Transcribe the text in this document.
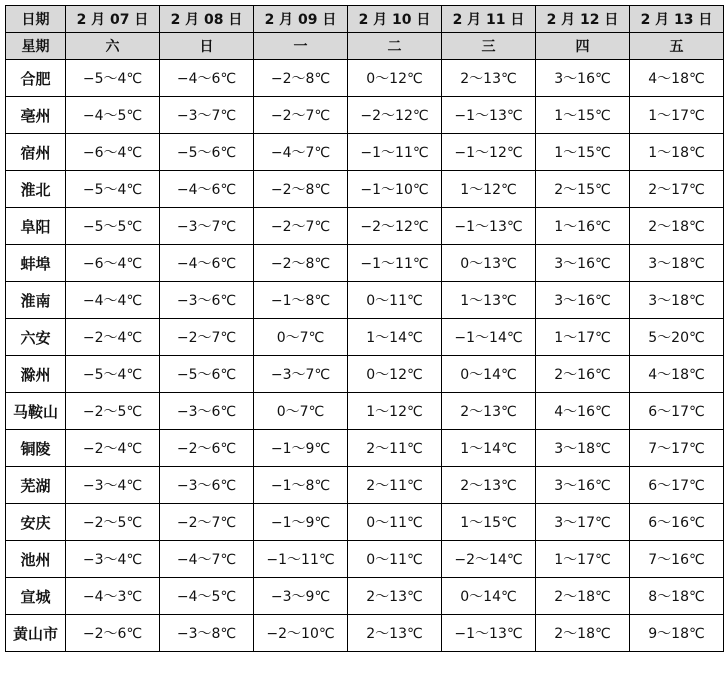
日期	2 月 07 日	2 月 08 日	2 月 09 日	2 月 10 日	2 月 11 日	2 月 12 日	2 月 13 日
星期	六	日	一	二	三	四	五
合肥	−5～4℃	−4～6℃	−2～8℃	0～12℃	2～13℃	3～16℃	4～18℃
亳州	−4～5℃	−3～7℃	−2～7℃	−2～12℃	−1～13℃	1～15℃	1～17℃
宿州	−6～4℃	−5～6℃	−4～7℃	−1～11℃	−1～12℃	1～15℃	1～18℃
淮北	−5～4℃	−4～6℃	−2～8℃	−1～10℃	1～12℃	2～15℃	2～17℃
阜阳	−5～5℃	−3～7℃	−2～7℃	−2～12℃	−1～13℃	1～16℃	2～18℃
蚌埠	−6～4℃	−4～6℃	−2～8℃	−1～11℃	0～13℃	3～16℃	3～18℃
淮南	−4～4℃	−3～6℃	−1～8℃	0～11℃	1～13℃	3～16℃	3～18℃
六安	−2～4℃	−2～7℃	0～7℃	1～14℃	−1～14℃	1～17℃	5～20℃
滁州	−5～4℃	−5～6℃	−3～7℃	0～12℃	0～14℃	2～16℃	4～18℃
马鞍山	−2～5℃	−3～6℃	0～7℃	1～12℃	2～13℃	4～16℃	6～17℃
铜陵	−2～4℃	−2～6℃	−1～9℃	2～11℃	1～14℃	3～18℃	7～17℃
芜湖	−3～4℃	−3～6℃	−1～8℃	2～11℃	2～13℃	3～16℃	6～17℃
安庆	−2～5℃	−2～7℃	−1～9℃	0～11℃	1～15℃	3～17℃	6～16℃
池州	−3～4℃	−4～7℃	−1～11℃	0～11℃	−2～14℃	1～17℃	7～16℃
宣城	−4～3℃	−4～5℃	−3～9℃	2～13℃	0～14℃	2～18℃	8～18℃
黄山市	−2～6℃	−3～8℃	−2～10℃	2～13℃	−1～13℃	2～18℃	9～18℃
